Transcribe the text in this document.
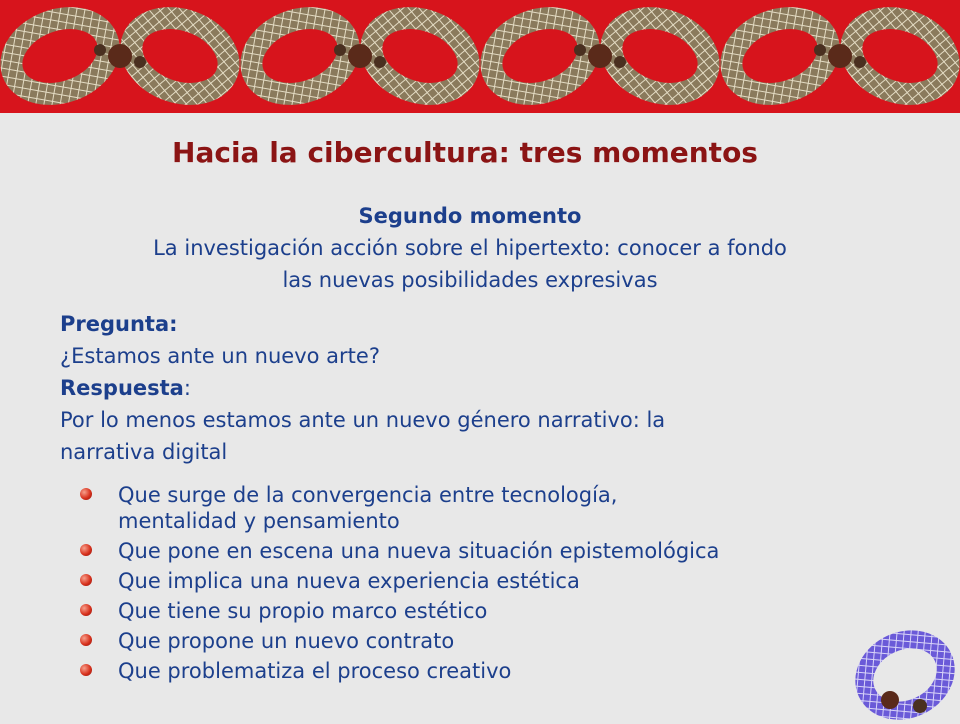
Hacia la cibercultura: tres momentos
Segundo momento
La investigación acción sobre el hipertexto: conocer a fondo
las nuevas posibilidades expresivas
Pregunta:
¿Estamos ante un nuevo arte?
Respuesta:
Por lo menos estamos ante un nuevo género narrativo: la
narrativa digital
Que surge de la convergencia entre tecnología,
mentalidad y pensamiento
Que pone en escena una nueva situación epistemológica
Que implica una nueva experiencia estética
Que tiene su propio marco estético
Que propone un nuevo contrato
Que problematiza el proceso creativo
